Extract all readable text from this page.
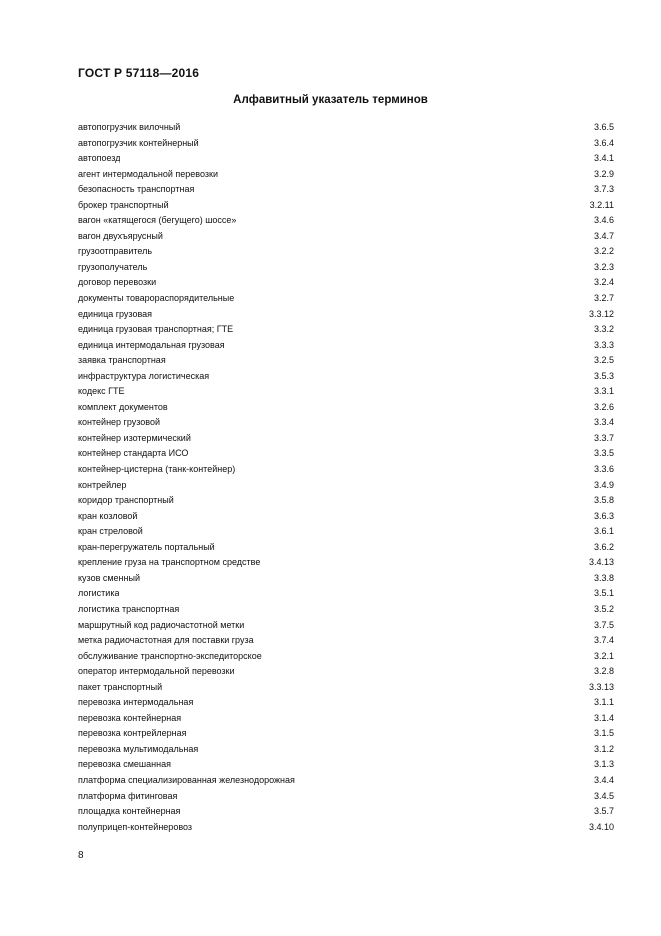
ГОСТ Р 57118—2016
Алфавитный указатель терминов
автопогрузчик вилочный	3.6.5
автопогрузчик контейнерный	3.6.4
автопоезд	3.4.1
агент интермодальной перевозки	3.2.9
безопасность транспортная	3.7.3
брокер транспортный	3.2.11
вагон «катящегося (бегущего) шоссе»	3.4.6
вагон двухъярусный	3.4.7
грузоотправитель	3.2.2
грузополучатель	3.2.3
договор перевозки	3.2.4
документы товарораспорядительные	3.2.7
единица грузовая	3.3.12
единица грузовая транспортная; ГТЕ	3.3.2
единица интермодальная грузовая	3.3.3
заявка транспортная	3.2.5
инфраструктура логистическая	3.5.3
кодекс ГТЕ	3.3.1
комплект документов	3.2.6
контейнер грузовой	3.3.4
контейнер изотермический	3.3.7
контейнер стандарта ИСО	3.3.5
контейнер-цистерна (танк-контейнер)	3.3.6
контрейлер	3.4.9
коридор транспортный	3.5.8
кран козловой	3.6.3
кран стреловой	3.6.1
кран-перегружатель портальный	3.6.2
крепление груза на транспортном средстве	3.4.13
кузов сменный	3.3.8
логистика	3.5.1
логистика транспортная	3.5.2
маршрутный код радиочастотной метки	3.7.5
метка радиочастотная для поставки груза	3.7.4
обслуживание транспортно-экспедиторское	3.2.1
оператор интермодальной перевозки	3.2.8
пакет транспортный	3.3.13
перевозка интермодальная	3.1.1
перевозка контейнерная	3.1.4
перевозка контрейлерная	3.1.5
перевозка мультимодальная	3.1.2
перевозка смешанная	3.1.3
платформа специализированная железнодорожная	3.4.4
платформа фитинговая	3.4.5
площадка контейнерная	3.5.7
полуприцеп-контейнеровоз	3.4.10
8
